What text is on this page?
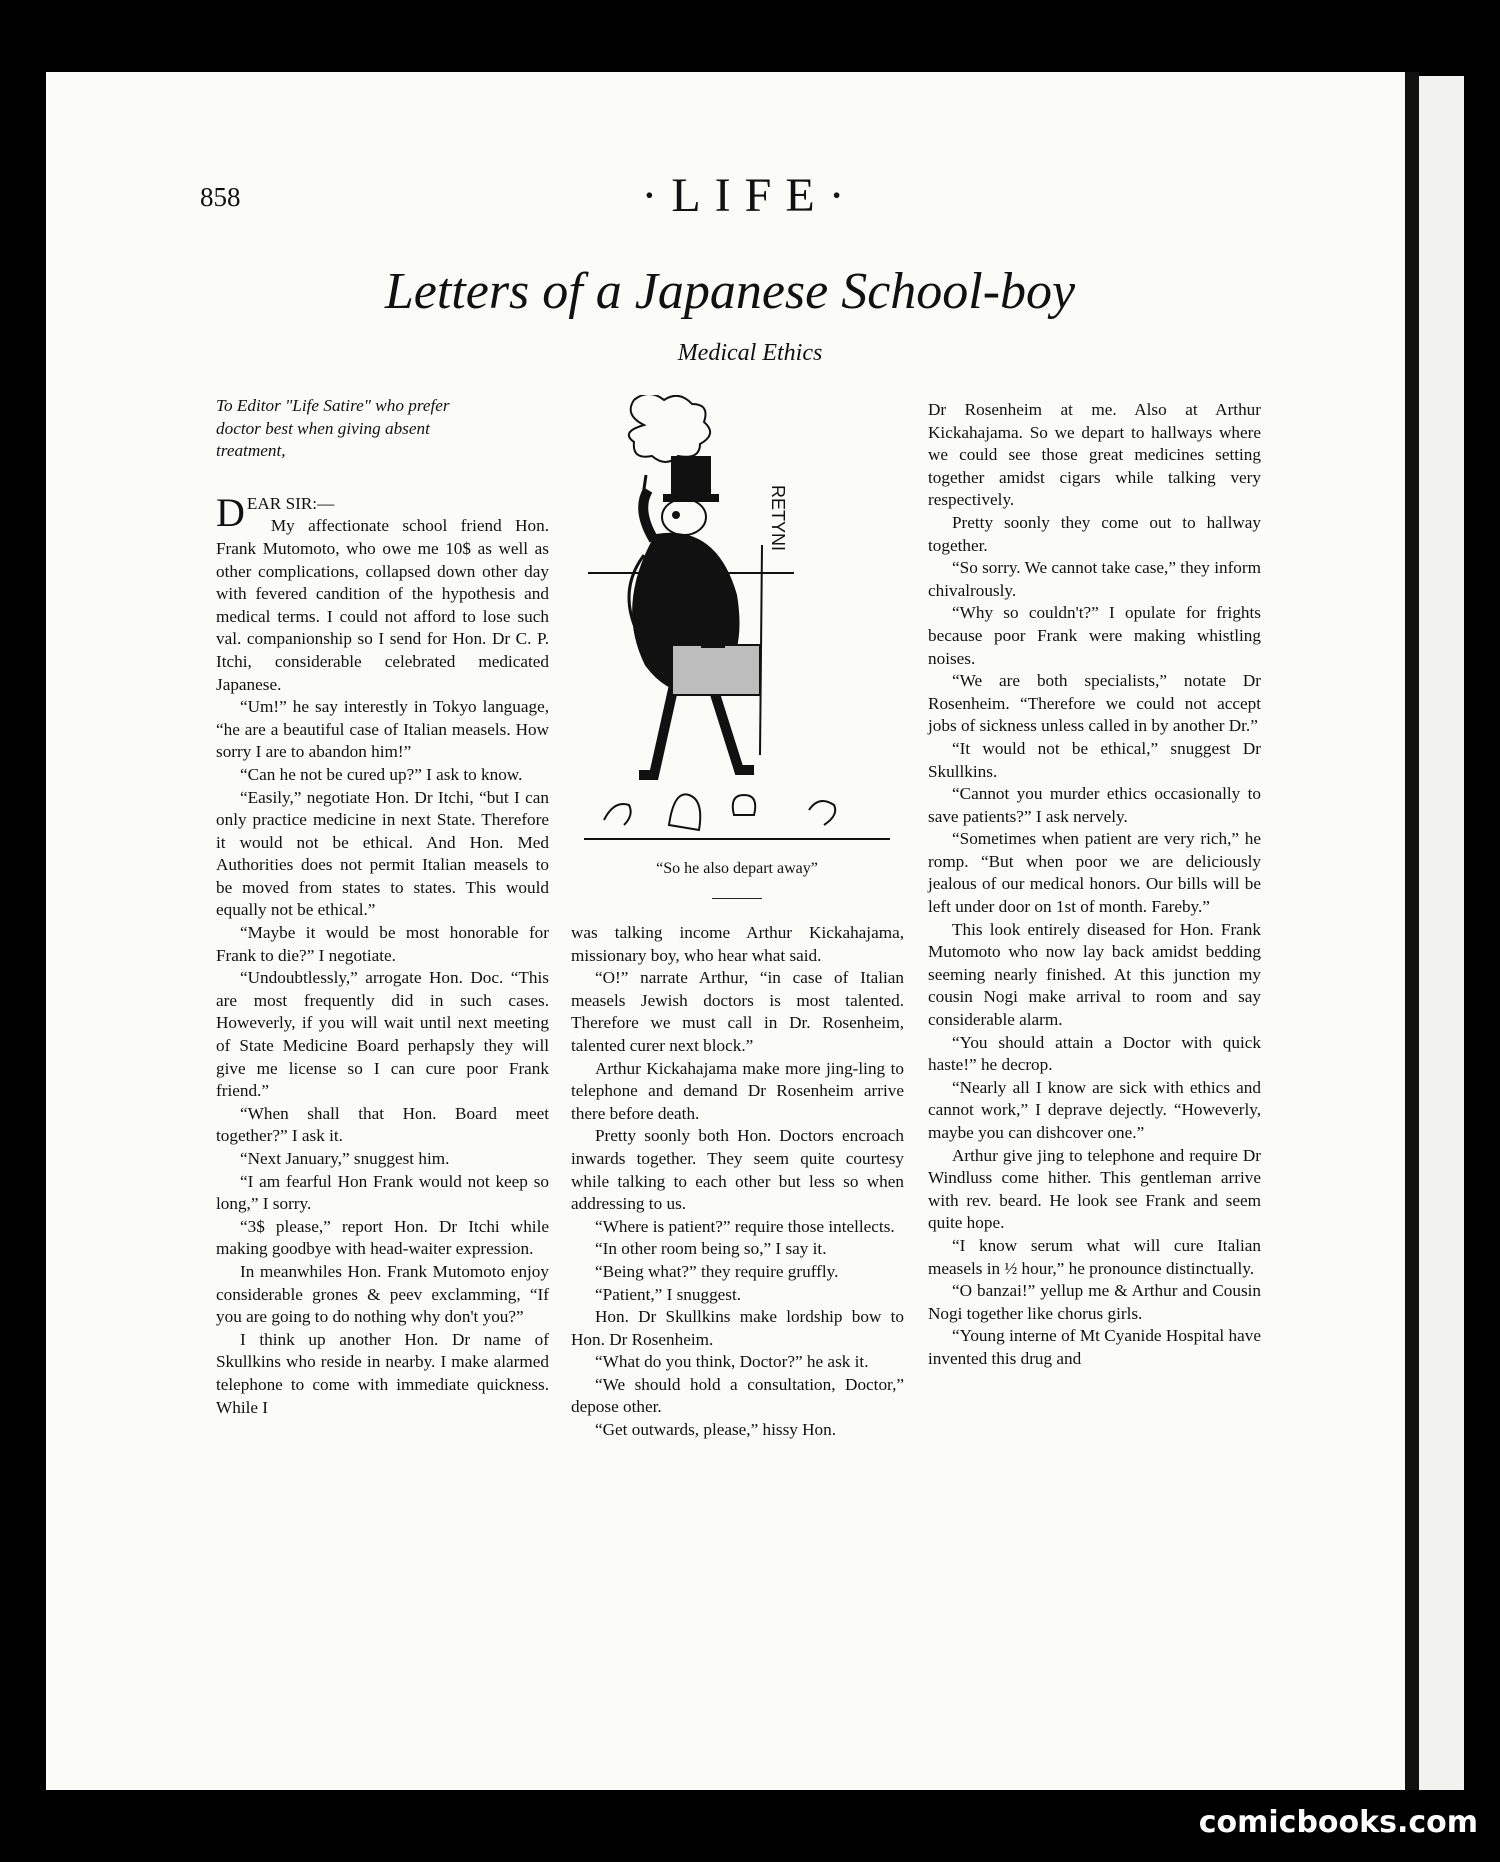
858	·LIFE·
Letters of a Japanese School-boy
Medical Ethics

To Editor "Life Satire" who prefer
doctor best when giving absent
treatment,

DEAR SIR:—

My affectionate school friend Hon. Frank Mutomoto, who owe me 10$ as well as other complications, collapsed down other day with fevered candition of the hypothesis and medical terms. I could not afford to lose such val. companionship so I send for Hon. Dr C. P. Itchi, considerable celebrated medicated Japanese.

“Um!” he say interestly in Tokyo language, “he are a beautiful case of Italian measels. How sorry I are to abandon him!”

“Can he not be cured up?” I ask to know.

“Easily,” negotiate Hon. Dr Itchi, “but I can only practice medicine in next State. Therefore it would not be ethical. And Hon. Med Authorities does not permit Italian measels to be moved from states to states. This would equally not be ethical.”

“Maybe it would be most honorable for Frank to die?” I negotiate.

“Undoubtlessly,” arrogate Hon. Doc. “This are most frequently did in such cases. Howeverly, if you will wait until next meeting of State Medicine Board perhapsly they will give me license so I can cure poor Frank friend.”

“When shall that Hon. Board meet together?” I ask it.

“Next January,” snuggest him.

“I am fearful Hon Frank would not keep so long,” I sorry.

“3$ please,” report Hon. Dr Itchi while making goodbye with head-waiter expression.

In meanwhiles Hon. Frank Mutomoto enjoy considerable grones & peev exclamming, “If you are going to do nothing why don't you?”

I think up another Hon. Dr name of Skullkins who reside in nearby. I make alarmed telephone to come with immediate quickness. While I

RETYNI
“So he also depart away”

was talking income Arthur Kickahajama, missionary boy, who hear what said.

“O!” narrate Arthur, “in case of Italian measels Jewish doctors is most talented. Therefore we must call in Dr. Rosenheim, talented curer next block.”

Arthur Kickahajama make more jing-ling to telephone and demand Dr Rosenheim arrive there before death.

Pretty soonly both Hon. Doctors encroach inwards together. They seem quite courtesy while talking to each other but less so when addressing to us.

“Where is patient?” require those intellects.

“In other room being so,” I say it.

“Being what?” they require gruffly.

“Patient,” I snuggest.

Hon. Dr Skullkins make lordship bow to Hon. Dr Rosenheim.

“What do you think, Doctor?” he ask it.

“We should hold a consultation, Doctor,” depose other.

“Get outwards, please,” hissy Hon.

Dr Rosenheim at me. Also at Arthur Kickahajama. So we depart to hallways where we could see those great medicines setting together amidst cigars while talking very respectively.

Pretty soonly they come out to hallway together.

“So sorry. We cannot take case,” they inform chivalrously.

“Why so couldn't?” I opulate for frights because poor Frank were making whistling noises.

“We are both specialists,” notate Dr Rosenheim. “Therefore we could not accept jobs of sickness unless called in by another Dr.”

“It would not be ethical,” snuggest Dr Skullkins.

“Cannot you murder ethics occasionally to save patients?” I ask nervely.

“Sometimes when patient are very rich,” he romp. “But when poor we are deliciously jealous of our medical honors. Our bills will be left under door on 1st of month. Fareby.”

This look entirely diseased for Hon. Frank Mutomoto who now lay back amidst bedding seeming nearly finished. At this junction my cousin Nogi make arrival to room and say considerable alarm.

“You should attain a Doctor with quick haste!” he decrop.

“Nearly all I know are sick with ethics and cannot work,” I deprave dejectly. “Howeverly, maybe you can dishcover one.”

Arthur give jing to telephone and require Dr Windluss come hither. This gentleman arrive with rev. beard. He look see Frank and seem quite hope.

“I know serum what will cure Italian measels in ½ hour,” he pronounce distinctually.

“O banzai!” yellup me & Arthur and Cousin Nogi together like chorus girls.

“Young interne of Mt Cyanide Hospital have invented this drug and

comicbooks.com
